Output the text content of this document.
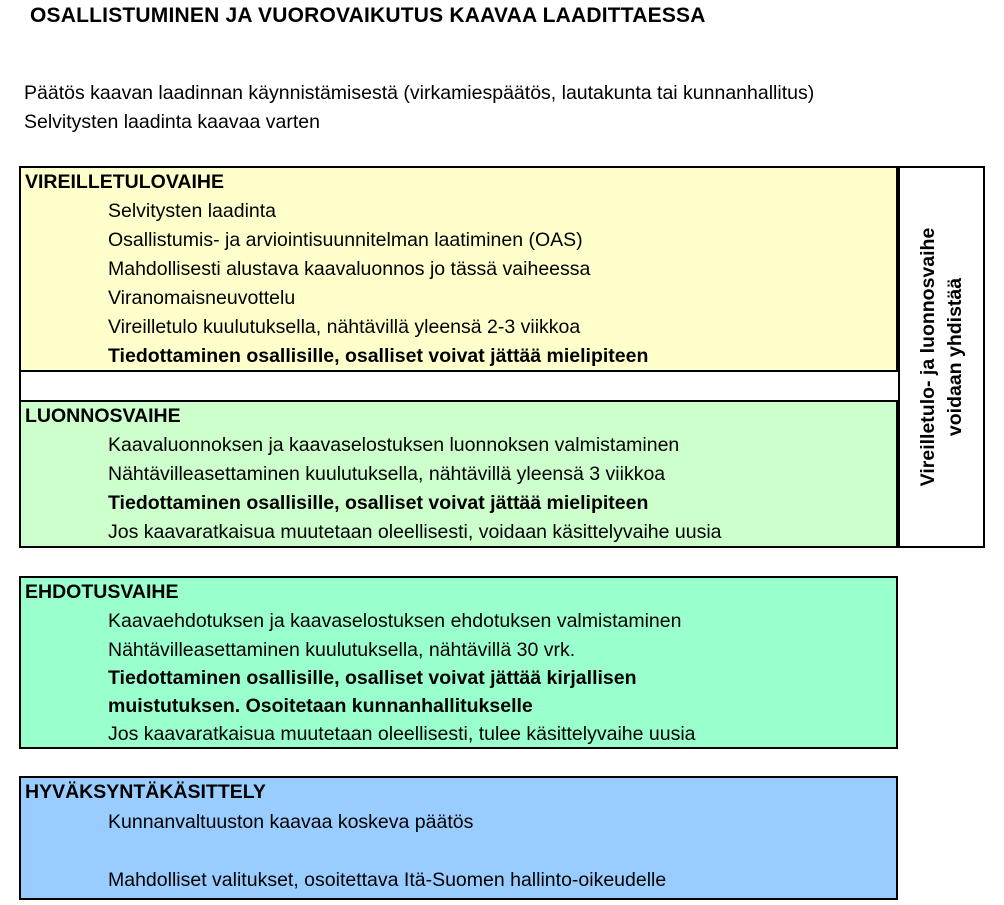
OSALLISTUMINEN JA VUOROVAIKUTUS KAAVAA LAADITTAESSA
Päätös kaavan laadinnan käynnistämisestä (virkamiespäätös, lautakunta tai kunnanhallitus)
Selvitysten laadinta kaavaa varten
VIREILLETULOVAIHE
Selvitysten laadinta
Osallistumis- ja arviointisuunnitelman laatiminen (OAS)
Mahdollisesti alustava kaavaluonnos jo tässä vaiheessa
Viranomaisneuvottelu
Vireilletulo kuulutuksella, nähtävillä yleensä 2-3 viikkoa
Tiedottaminen osallisille, osalliset voivat jättää mielipiteen
LUONNOSVAIHE
Kaavaluonnoksen ja kaavaselostuksen luonnoksen valmistaminen
Nähtävilleasettaminen kuulutuksella, nähtävillä yleensä 3 viikkoa
Tiedottaminen osallisille, osalliset voivat jättää mielipiteen
Jos kaavaratkaisua muutetaan oleellisesti, voidaan käsittelyvaihe uusia
Vireilletulo- ja luonnosvaihe voidaan yhdistää
EHDOTUSVAIHE
Kaavaehdotuksen ja kaavaselostuksen ehdotuksen valmistaminen
Nähtävilleasettaminen kuulutuksella, nähtävillä 30 vrk.
Tiedottaminen osallisille, osalliset voivat jättää kirjallisen
muistutuksen. Osoitetaan kunnanhallitukselle
Jos kaavaratkaisua muutetaan oleellisesti, tulee käsittelyvaihe uusia
HYVÄKSYNTÄKÄSITTELY
Kunnanvaltuuston kaavaa koskeva päätös
Mahdolliset valitukset, osoitettava Itä-Suomen hallinto-oikeudelle
